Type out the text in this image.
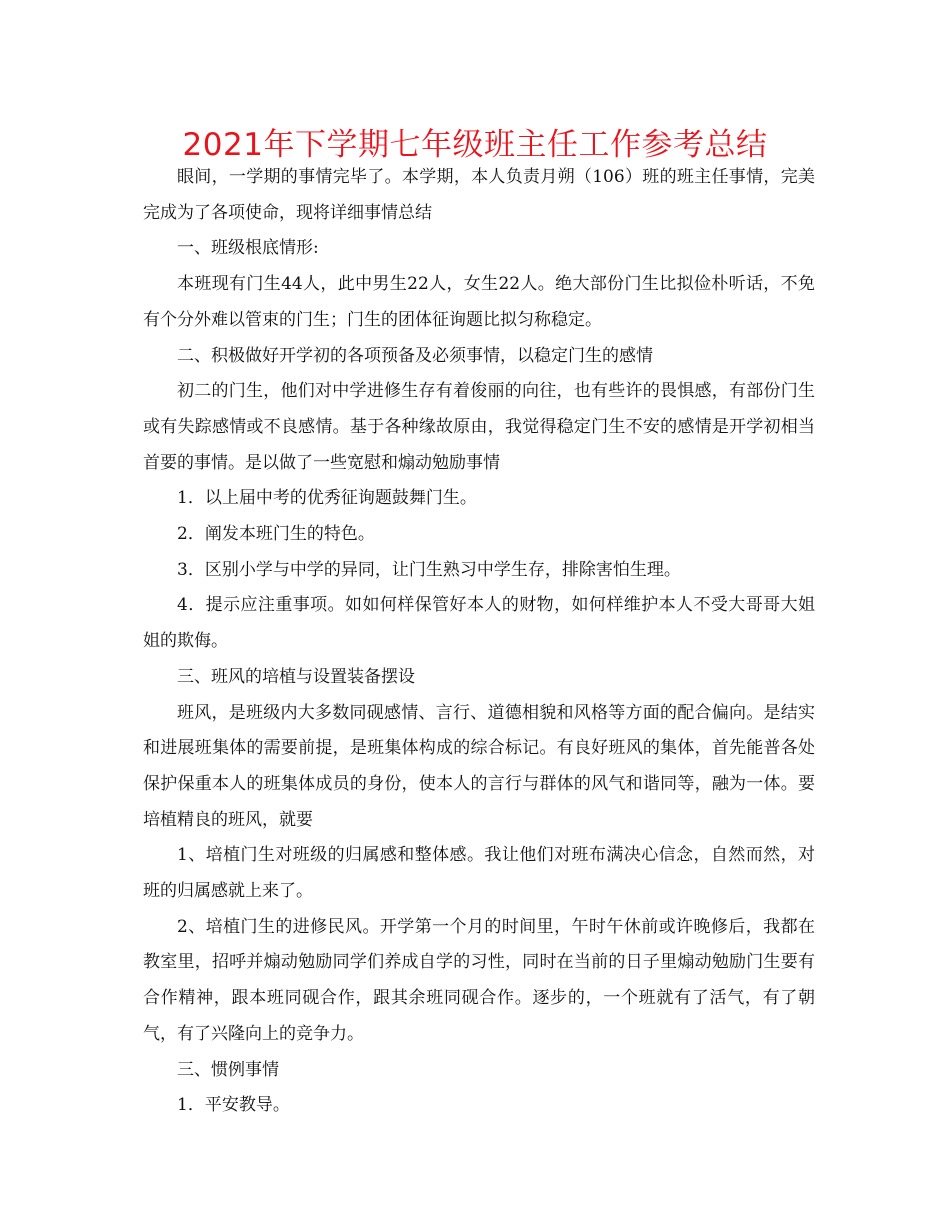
2021年下学期七年级班主任工作参考总结

眼间，一学期的事情完毕了。本学期，本人负责月朔（106）班的班主任事情，完美完成为了各项使命，现将详细事情总结

一、班级根底情形:

本班现有门生44人，此中男生22人，女生22人。绝大部份门生比拟俭朴听话，不免有个分外难以管束的门生；门生的团体征询题比拟匀称稳定。

二、积极做好开学初的各项预备及必须事情，以稳定门生的感情

初二的门生，他们对中学进修生存有着俊丽的向往，也有些许的畏惧感，有部份门生或有失踪感情或不良感情。基于各种缘故原由，我觉得稳定门生不安的感情是开学初相当首要的事情。是以做了一些宽慰和煽动勉励事情

1．以上届中考的优秀征询题鼓舞门生。

2．阐发本班门生的特色。

3．区别小学与中学的异同，让门生熟习中学生存，排除害怕生理。

4．提示应注重事项。如如何样保管好本人的财物，如何样维护本人不受大哥哥大姐姐的欺侮。

三、班风的培植与设置装备摆设

班风，是班级内大多数同砚感情、言行、道德相貌和风格等方面的配合偏向。是结实和进展班集体的需要前提，是班集体构成的综合标记。有良好班风的集体，首先能普各处保护保重本人的班集体成员的身份，使本人的言行与群体的风气和谐同等，融为一体。要培植精良的班风，就要

1、培植门生对班级的归属感和整体感。我让他们对班布满决心信念，自然而然，对班的归属感就上来了。

2、培植门生的进修民风。开学第一个月的时间里，午时午休前或许晚修后，我都在教室里，招呼并煽动勉励同学们养成自学的习性，同时在当前的日子里煽动勉励门生要有合作精神，跟本班同砚合作，跟其余班同砚合作。逐步的，一个班就有了活气，有了朝气，有了兴隆向上的竞争力。

三、惯例事情

1．平安教导。
